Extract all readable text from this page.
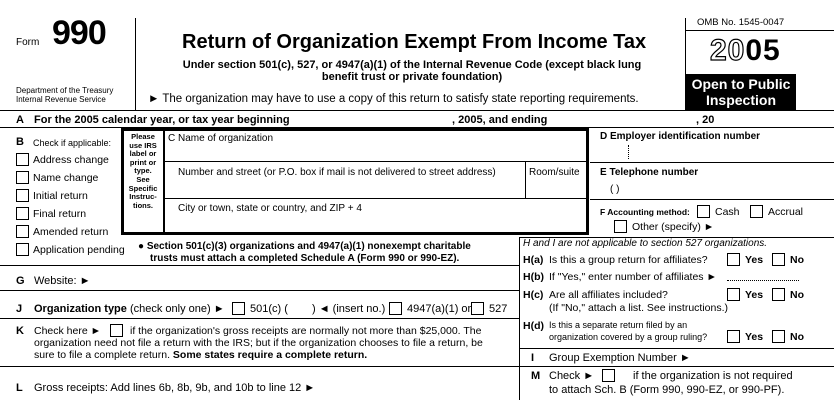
Form 990
Department of the Treasury
Internal Revenue Service
Return of Organization Exempt From Income Tax
Under section 501(c), 527, or 4947(a)(1) of the Internal Revenue Code (except black lung
benefit trust or private foundation)
► The organization may have to use a copy of this return to satisfy state reporting requirements.
OMB No. 1545-0047
2005
Open to Public
Inspection
A For the 2005 calendar year, or tax year beginning	, 2005, and ending	, 20
B Check if applicable:
Address change
Name change
Initial return
Final return
Amended return
Application pending
Please
use IRS
label or
print or
type.
See
Specific
Instruc-
tions.
C Name of organization
Number and street (or P.O. box if mail is not delivered to street address)	Room/suite
City or town, state or country, and ZIP + 4
D Employer identification number
E Telephone number
( )
F Accounting method: Cash	Accrual
Other (specify) ►
● Section 501(c)(3) organizations and 4947(a)(1) nonexempt charitable
trusts must attach a completed Schedule A (Form 990 or 990-EZ).
H and I are not applicable to section 527 organizations.
H(a) Is this a group return for affiliates?	Yes	No
H(b) If "Yes," enter number of affiliates ►
H(c) Are all affiliates included?
(If "No," attach a list. See instructions.)
Yes	No
H(d) Is this a separate return filed by an
organization covered by a group ruling?	Yes	No
I Group Exemption Number ►
M Check ►	if the organization is not required
to attach Sch. B (Form 990, 990-EZ, or 990-PF).
G Website: ►
J Organization type (check only one) ► 501(c) ( ) ◄ (insert no.) 4947(a)(1) or 527
K Check here ►	if the organization's gross receipts are normally not more than $25,000. The
organization need not file a return with the IRS; but if the organization chooses to file a return, be
sure to file a complete return. Some states require a complete return.
L Gross receipts: Add lines 6b, 8b, 9b, and 10b to line 12 ►
